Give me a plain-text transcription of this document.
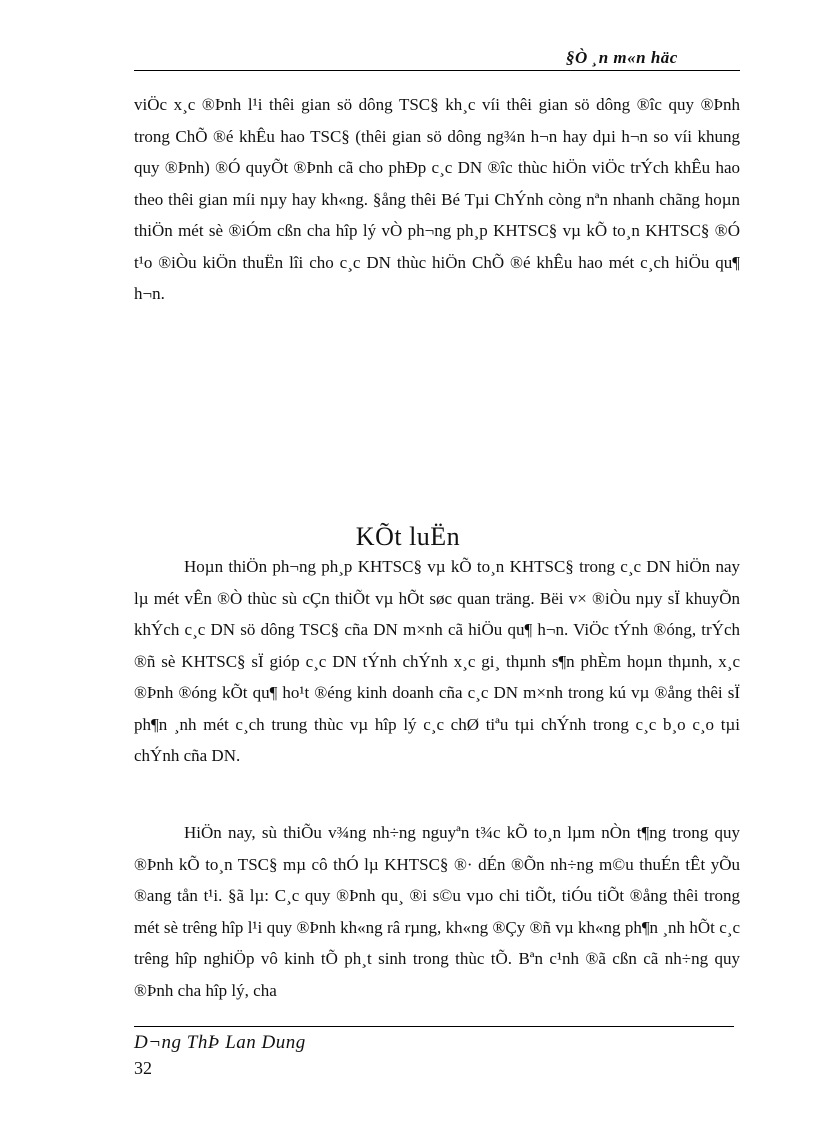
§Ò ¸n m«n häc

viÖc x¸c ®Þnh l¹i thêi gian sö dông TSC§ kh¸c víi thêi gian sö dông ®îc quy ®Þnh trong ChÕ ®é khÊu hao TSC§ (thêi gian sö dông ng¾n h¬n hay dµi h¬n so víi khung quy ®Þnh) ®Ó quyÕt ®Þnh cã cho phÐp c¸c DN ®îc thùc hiÖn viÖc trÝch khÊu hao theo thêi gian míi nµy hay kh«ng. §ång thêi Bé Tµi ChÝnh còng nªn nhanh chãng hoµn thiÖn mét sè ®iÓm cßn cha hîp lý vÒ ph¬ng ph¸p KHTSC§ vµ kÕ to¸n KHTSC§ ®Ó t¹o ®iÒu kiÖn thuËn lîi cho c¸c DN thùc hiÖn ChÕ ®é khÊu hao mét c¸ch hiÖu qu¶ h¬n.

KÕt luËn

Hoµn thiÖn ph¬ng ph¸p KHTSC§ vµ kÕ to¸n KHTSC§ trong c¸c DN hiÖn nay lµ mét vÊn ®Ò thùc sù cÇn thiÕt vµ hÕt søc quan träng. Bëi v× ®iÒu nµy sÏ khuyÕn khÝch c¸c DN sö dông TSC§ cña DN m×nh cã hiÖu qu¶ h¬n. ViÖc tÝnh ®óng, trÝch ®ñ sè KHTSC§ sÏ gióp c¸c DN tÝnh chÝnh x¸c gi¸ thµnh s¶n phÈm hoµn thµnh, x¸c ®Þnh ®óng kÕt qu¶ ho¹t ®éng kinh doanh cña c¸c DN m×nh trong kú vµ ®ång thêi sÏ ph¶n ¸nh mét c¸ch trung thùc vµ hîp lý c¸c chØ tiªu tµi chÝnh trong c¸c b¸o c¸o tµi chÝnh cña DN.

HiÖn nay, sù thiÕu v¾ng nh÷ng nguyªn t¾c kÕ to¸n lµm nÒn t¶ng trong quy ®Þnh kÕ to¸n TSC§ mµ cô thÓ lµ KHTSC§ ®· dÉn ®Õn nh÷ng m©u thuÉn tÊt yÕu ®ang tån t¹i. §ã lµ: C¸c quy ®Þnh qu¸ ®i s©u vµo chi tiÕt, tiÓu tiÕt ®ång thêi trong mét sè trêng hîp l¹i quy ®Þnh kh«ng râ rµng, kh«ng ®Çy ®ñ vµ kh«ng ph¶n ¸nh hÕt c¸c trêng hîp nghiÖp vô kinh tÕ ph¸t sinh trong thùc tÕ. Bªn c¹nh ®ã cßn cã nh÷ng quy ®Þnh cha hîp lý, cha

D¬ng ThÞ Lan Dung
32
